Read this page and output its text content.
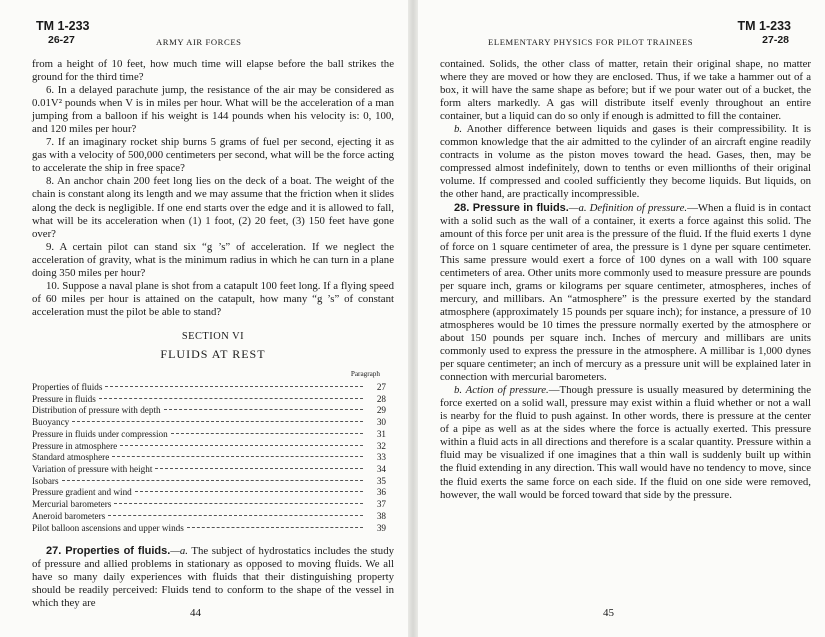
TM 1-233
26-27	ARMY AIR FORCES

from a height of 10 feet, how much time will elapse before the ball strikes the ground for the third time?

6. In a delayed parachute jump, the resistance of the air may be considered as 0.01V² pounds when V is in miles per hour. What will be the acceleration of a man jumping from a balloon if his weight is 144 pounds when his velocity is: 0, 100, and 120 miles per hour?

7. If an imaginary rocket ship burns 5 grams of fuel per second, ejecting it as gas with a velocity of 500,000 centimeters per second, what will be the force acting to accelerate the ship in free space?

8. An anchor chain 200 feet long lies on the deck of a boat. The weight of the chain is constant along its length and we may assume that the friction when it slides along the deck is negligible. If one end starts over the edge and it is allowed to fall, what will be its acceleration when (1) 1 foot, (2) 20 feet, (3) 150 feet have gone over?

9. A certain pilot can stand six “g ’s” of acceleration. If we neglect the acceleration of gravity, what is the minimum radius in which he can turn in a plane doing 350 miles per hour?

10. Suppose a naval plane is shot from a catapult 100 feet long. If a flying speed of 60 miles per hour is attained on the catapult, how many “g ’s” of constant acceleration must the pilot be able to stand?

SECTION VI
FLUIDS AT REST
Paragraph
Properties of fluids	27
Pressure in fluids	28
Distribution of pressure with depth	29
Buoyancy	30
Pressure in fluids under compression	31
Pressure in atmosphere	32
Standard atmosphere	33
Variation of pressure with height	34
Isobars	35
Pressure gradient and wind	36
Mercurial barometers	37
Aneroid barometers	38
Pilot balloon ascensions and upper winds	39

27. Properties of fluids.—a. The subject of hydrostatics includes the study of pressure and allied problems in stationary as opposed to moving fluids. We all have so many daily experiences with fluids that their distinguishing property should be readily perceived: Fluids tend to conform to the shape of the vessel in which they are

44
TM 1-233
ELEMENTARY PHYSICS FOR PILOT TRAINEES	27-28

contained. Solids, the other class of matter, retain their original shape, no matter where they are moved or how they are enclosed. Thus, if we take a hammer out of a box, it will have the same shape as before; but if we pour water out of a bucket, the form alters markedly. A gas will distribute itself evenly throughout an entire container, but a liquid can do so only if enough is admitted to fill the container.

b. Another difference between liquids and gases is their compressibility. It is common knowledge that the air admitted to the cylinder of an aircraft engine readily contracts in volume as the piston moves toward the head. Gases, then, may be compressed almost indefinitely, down to tenths or even millionths of their original volume. If compressed and cooled sufficiently they become liquids. But liquids, on the other hand, are practically incompressible.

28. Pressure in fluids.—a. Definition of pressure.—When a fluid is in contact with a solid such as the wall of a container, it exerts a force against this solid. The amount of this force per unit area is the pressure of the fluid. If the fluid exerts 1 dyne of force on 1 square centimeter of area, the pressure is 1 dyne per square centimeter. This same pressure would exert a force of 100 dynes on a wall with 100 square centimeters of area. Other units more commonly used to measure pressure are pounds per square inch, grams or kilograms per square centimeter, atmospheres, inches of mercury, and millibars. An “atmosphere” is the pressure exerted by the standard atmosphere (approximately 15 pounds per square inch); for instance, a pressure of 10 atmospheres would be 10 times the pressure normally exerted by the atmosphere or about 150 pounds per square inch. Inches of mercury and millibars are units commonly used to express the pressure in the atmosphere. A millibar is 1,000 dynes per square centimeter; an inch of mercury as a pressure unit will be explained later in connection with mercurial barometers.

b. Action of pressure.—Though pressure is usually measured by determining the force exerted on a solid wall, pressure may exist within a fluid whether or not a wall is nearby for the fluid to push against. In other words, there is pressure at the center of a pipe as well as at the sides where the force is actually exerted. This pressure within a fluid acts in all directions and therefore is a scalar quantity. Pressure within a fluid may be visualized if one imagines that a thin wall is suddenly built up within the fluid extending in any direction. This wall would have no tendency to move, since the fluid exerts the same force on each side. If the fluid on one side were removed, however, the wall would be forced toward that side by the pressure.

45
